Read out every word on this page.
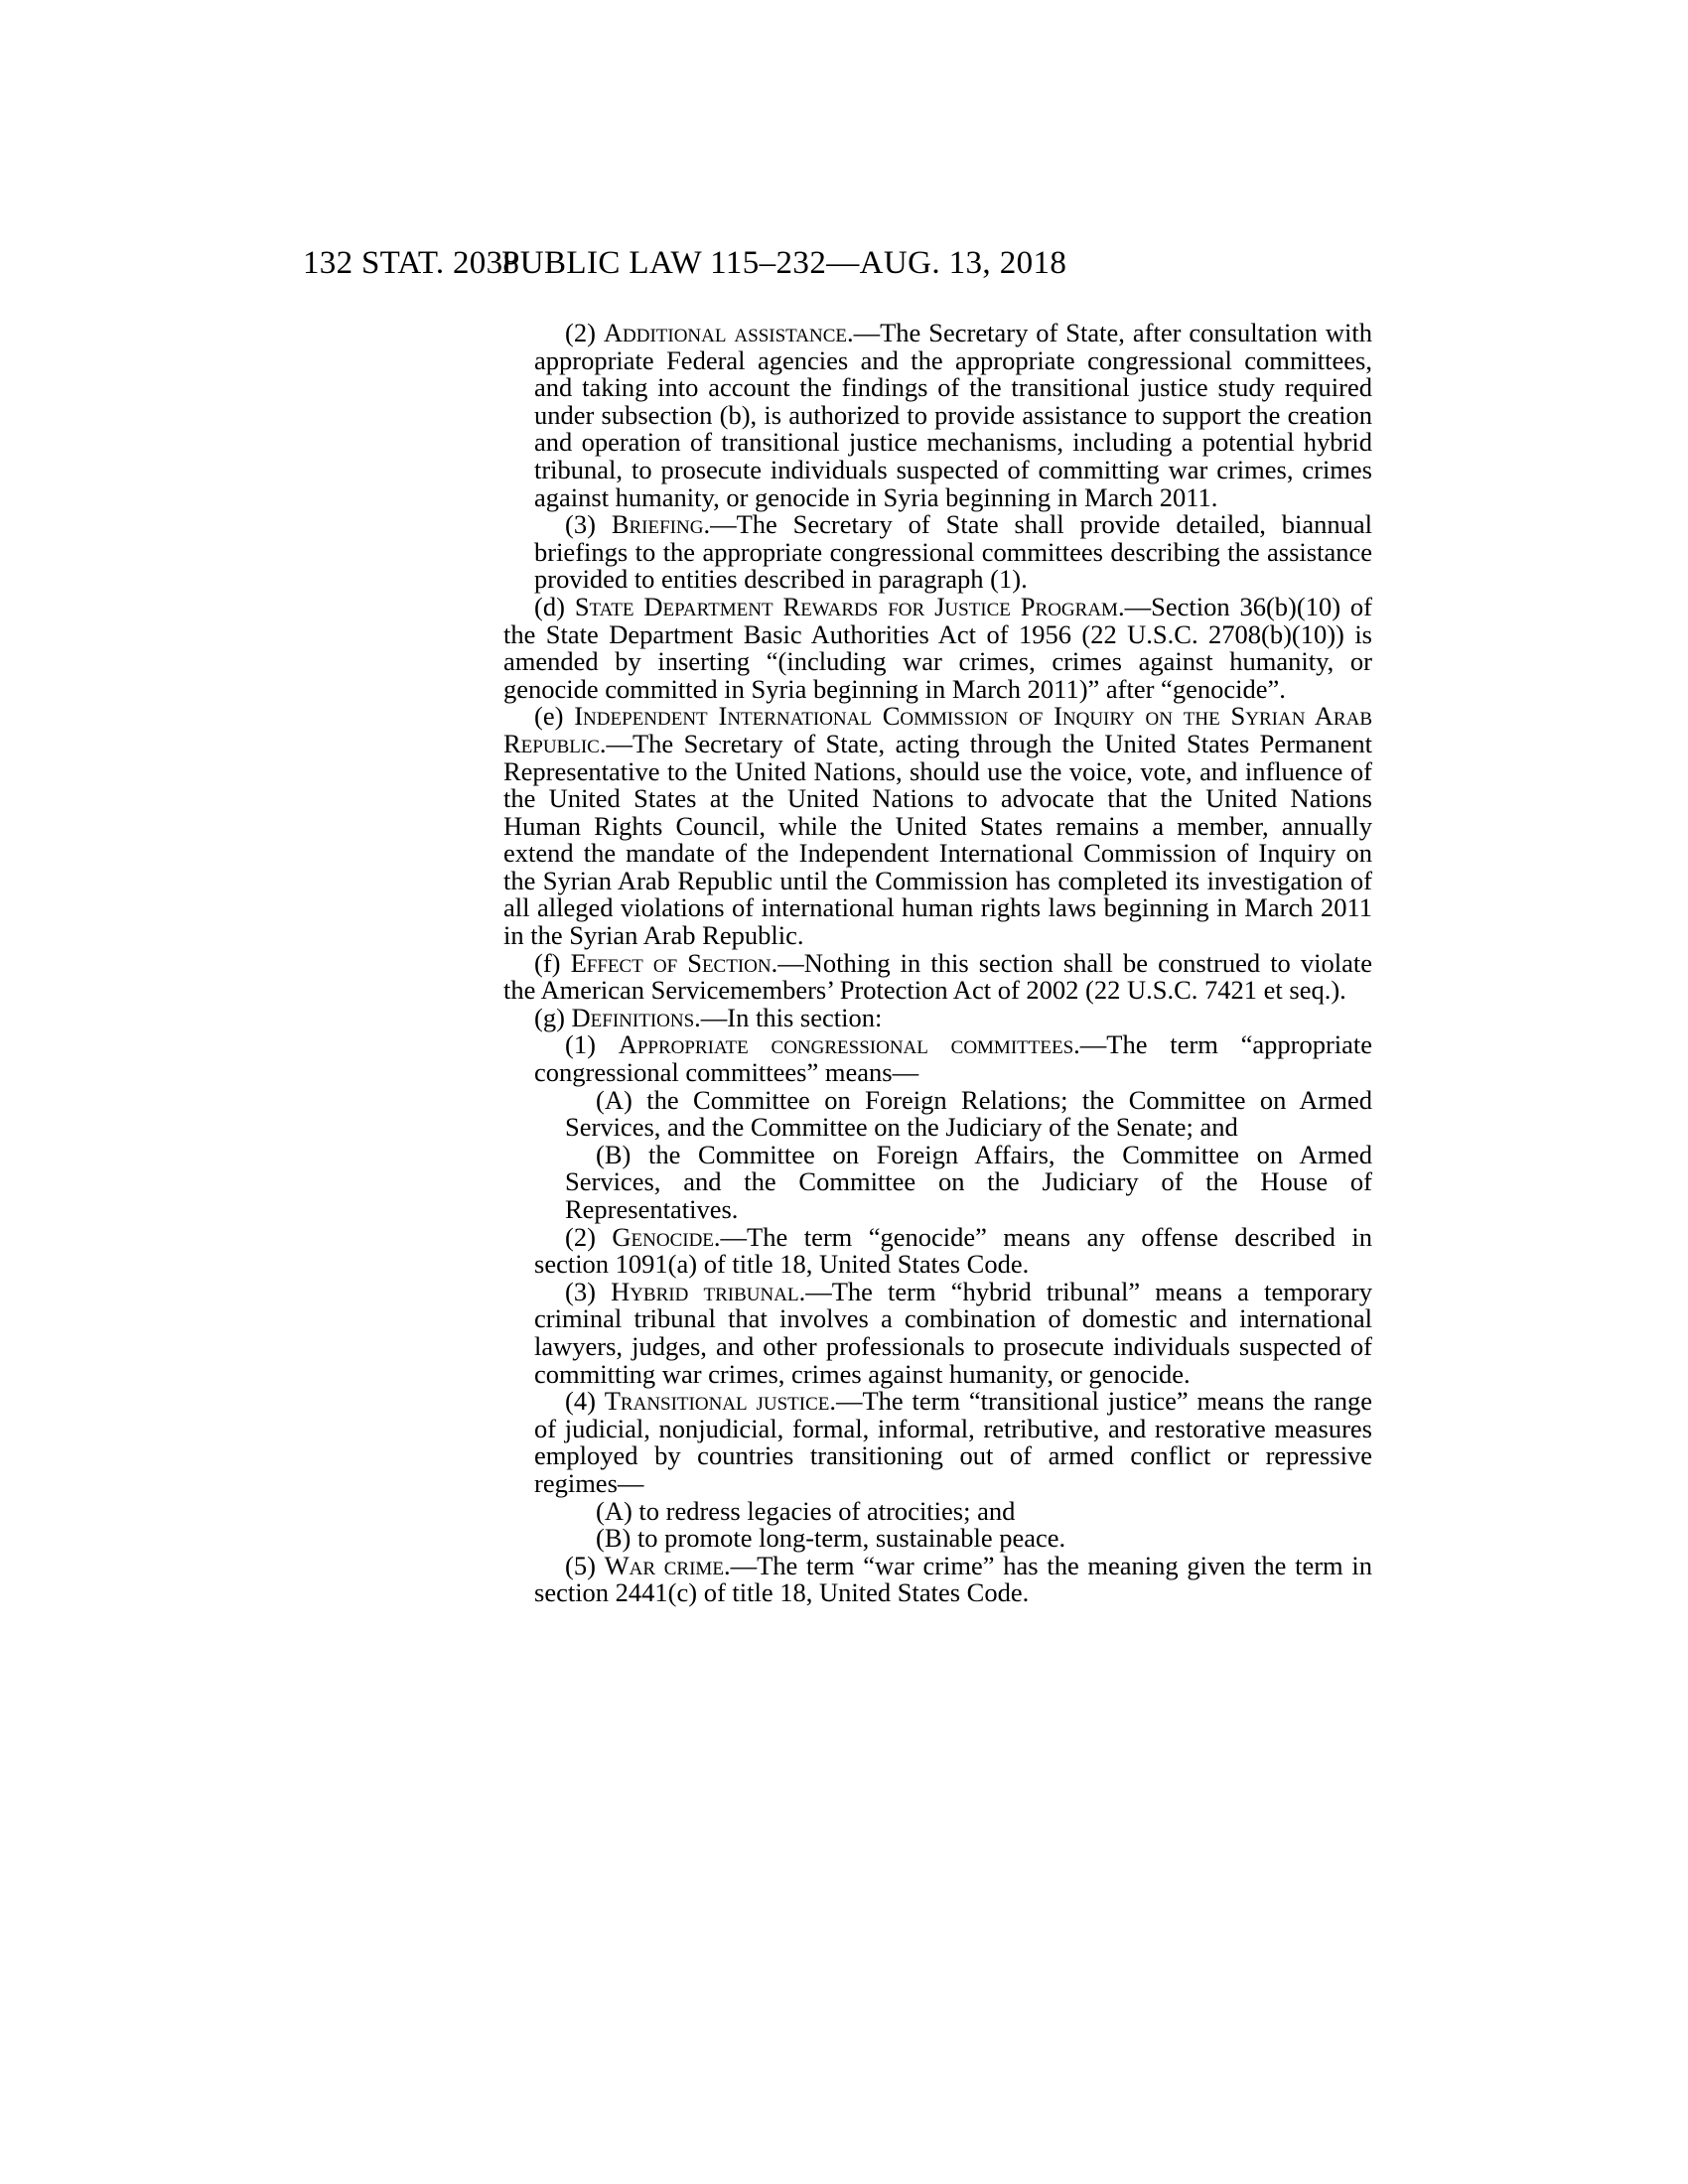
132 STAT. 2038
PUBLIC LAW 115–232—AUG. 13, 2018

(2) Additional assistance.—The Secretary of State, after consultation with appropriate Federal agencies and the appropriate congressional committees, and taking into account the findings of the transitional justice study required under subsection (b), is authorized to provide assistance to support the creation and operation of transitional justice mechanisms, including a potential hybrid tribunal, to prosecute individuals suspected of committing war crimes, crimes against humanity, or genocide in Syria beginning in March 2011.

(3) Briefing.—The Secretary of State shall provide detailed, biannual briefings to the appropriate congressional committees describing the assistance provided to entities described in paragraph (1).

(d) State Department Rewards for Justice Program.—Section 36(b)(10) of the State Department Basic Authorities Act of 1956 (22 U.S.C. 2708(b)(10)) is amended by inserting “(including war crimes, crimes against humanity, or genocide committed in Syria beginning in March 2011)” after “genocide”.

(e) Independent International Commission of Inquiry on the Syrian Arab Republic.—The Secretary of State, acting through the United States Permanent Representative to the United Nations, should use the voice, vote, and influence of the United States at the United Nations to advocate that the United Nations Human Rights Council, while the United States remains a member, annually extend the mandate of the Independent International Commission of Inquiry on the Syrian Arab Republic until the Commission has completed its investigation of all alleged violations of international human rights laws beginning in March 2011 in the Syrian Arab Republic.

(f) Effect of Section.—Nothing in this section shall be construed to violate the American Servicemembers’ Protection Act of 2002 (22 U.S.C. 7421 et seq.).

(g) Definitions.—In this section:

(1) Appropriate congressional committees.—The term “appropriate congressional committees” means—

(A) the Committee on Foreign Relations; the Committee on Armed Services, and the Committee on the Judiciary of the Senate; and

(B) the Committee on Foreign Affairs, the Committee on Armed Services, and the Committee on the Judiciary of the House of Representatives.

(2) Genocide.—The term “genocide” means any offense described in section 1091(a) of title 18, United States Code.

(3) Hybrid tribunal.—The term “hybrid tribunal” means a temporary criminal tribunal that involves a combination of domestic and international lawyers, judges, and other professionals to prosecute individuals suspected of committing war crimes, crimes against humanity, or genocide.

(4) Transitional justice.—The term “transitional justice” means the range of judicial, nonjudicial, formal, informal, retributive, and restorative measures employed by countries transitioning out of armed conflict or repressive regimes—

(A) to redress legacies of atrocities; and

(B) to promote long-term, sustainable peace.

(5) War crime.—The term “war crime” has the meaning given the term in section 2441(c) of title 18, United States Code.
